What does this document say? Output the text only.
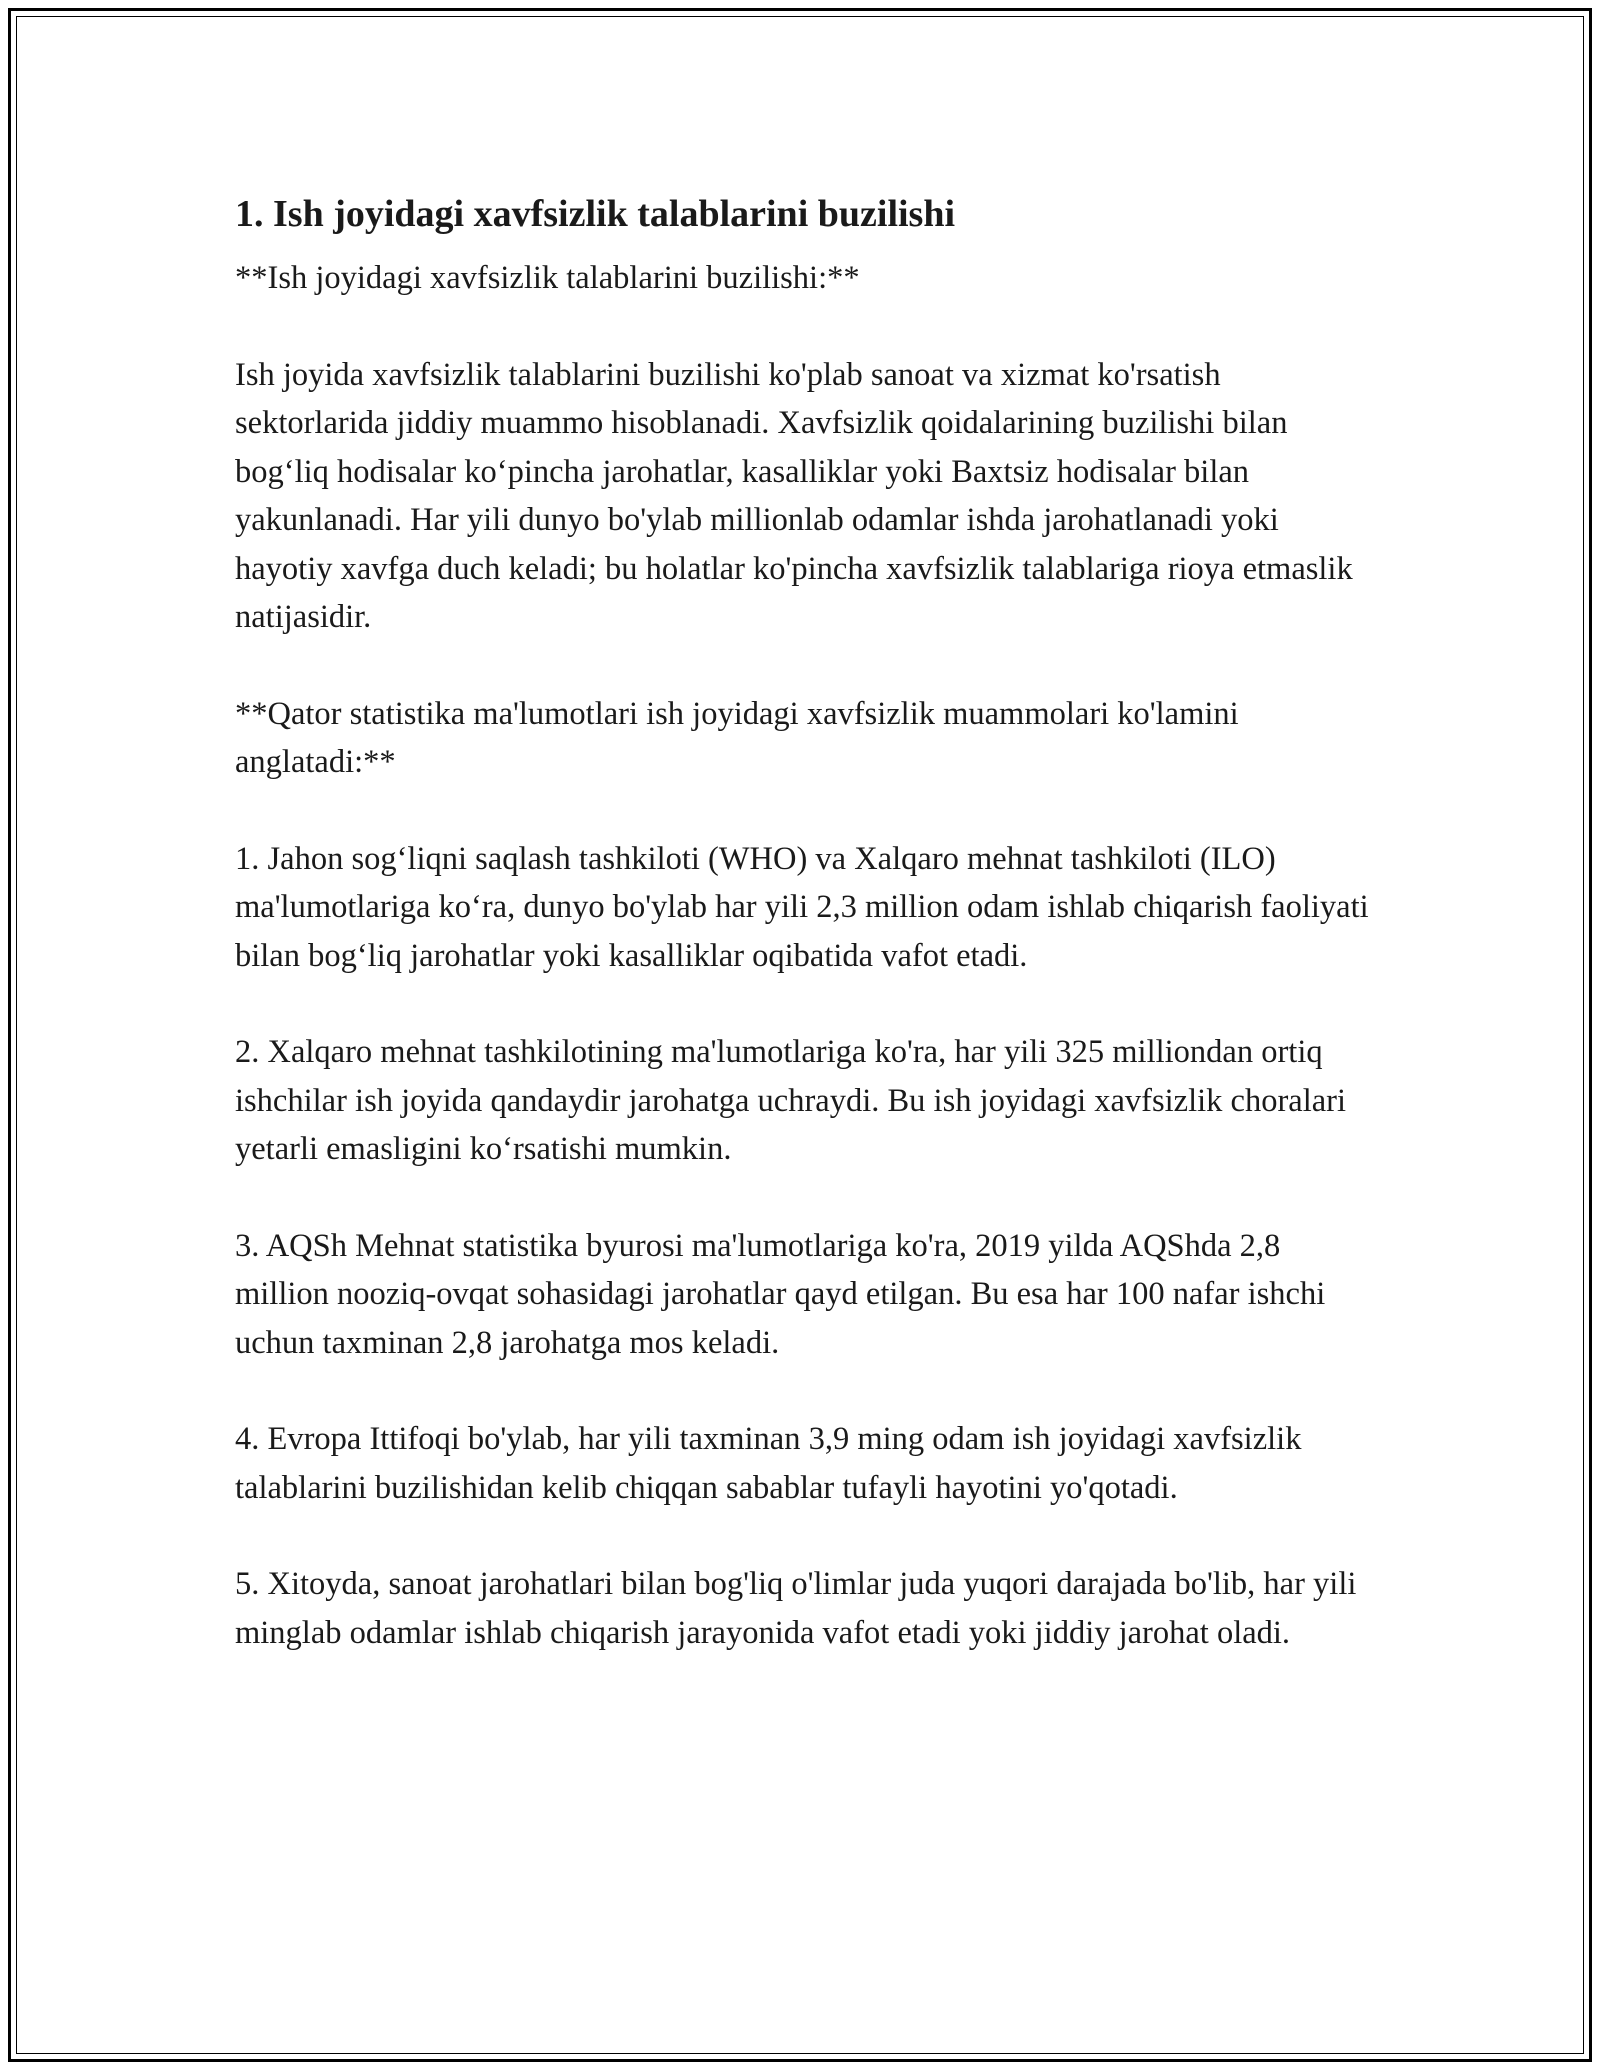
1. Ish joyidagi xavfsizlik talablarini buzilishi

**Ish joyidagi xavfsizlik talablarini buzilishi:**

Ish joyida xavfsizlik talablarini buzilishi ko'plab sanoat va xizmat ko'rsatish sektorlarida jiddiy muammo hisoblanadi. Xavfsizlik qoidalarining buzilishi bilan bog‘liq hodisalar ko‘pincha jarohatlar, kasalliklar yoki Baxtsiz hodisalar bilan yakunlanadi. Har yili dunyo bo'ylab millionlab odamlar ishda jarohatlanadi yoki hayotiy xavfga duch keladi; bu holatlar ko'pincha xavfsizlik talablariga rioya etmaslik natijasidir.

**Qator statistika ma'lumotlari ish joyidagi xavfsizlik muammolari ko'lamini anglatadi:**

1. Jahon sog‘liqni saqlash tashkiloti (WHO) va Xalqaro mehnat tashkiloti (ILO) ma'lumotlariga ko‘ra, dunyo bo'ylab har yili 2,3 million odam ishlab chiqarish faoliyati bilan bog‘liq jarohatlar yoki kasalliklar oqibatida vafot etadi.

2. Xalqaro mehnat tashkilotining ma'lumotlariga ko'ra, har yili 325 milliondan ortiq ishchilar ish joyida qandaydir jarohatga uchraydi. Bu ish joyidagi xavfsizlik choralari yetarli emasligini ko‘rsatishi mumkin.

3. AQSh Mehnat statistika byurosi ma'lumotlariga ko'ra, 2019 yilda AQShda 2,8 million nooziq-ovqat sohasidagi jarohatlar qayd etilgan. Bu esa har 100 nafar ishchi uchun taxminan 2,8 jarohatga mos keladi.

4. Evropa Ittifoqi bo'ylab, har yili taxminan 3,9 ming odam ish joyidagi xavfsizlik talablarini buzilishidan kelib chiqqan sabablar tufayli hayotini yo'qotadi.

5. Xitoyda, sanoat jarohatlari bilan bog'liq o'limlar juda yuqori darajada bo'lib, har yili minglab odamlar ishlab chiqarish jarayonida vafot etadi yoki jiddiy jarohat oladi.
